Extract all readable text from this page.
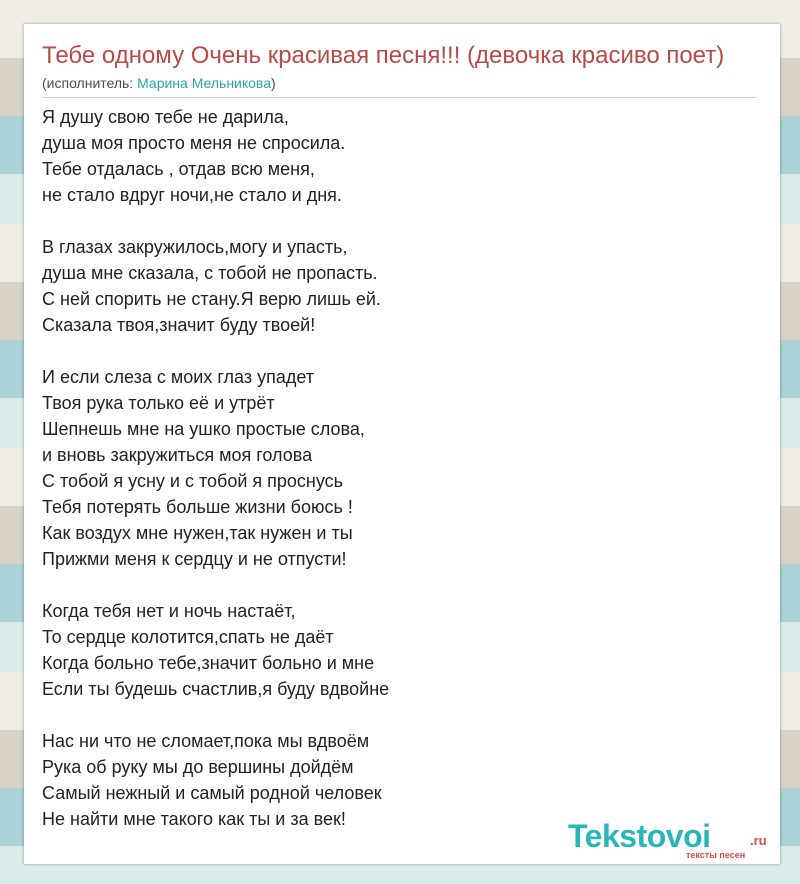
Тебе одному Очень красивая песня!!! (девочка красиво поет)
(исполнитель: Марина Мельникова)
Я душу свою тебе не дарила,
душа моя просто меня не спросила.
Тебе отдалась , отдав всю меня,
не стало вдруг ночи,не стало и дня.
В глазах закружилось,могу и упасть,
душа мне сказала, с тобой не пропасть.
С ней спорить не стану.Я верю лишь ей.
Сказала твоя,значит буду твоей!
И если слеза с моих глаз упадет
Твоя рука только её и утрёт
Шепнешь мне на ушко простые слова,
и вновь закружиться моя голова
С тобой я усну и с тобой я проснусь
Тебя потерять больше жизни боюсь !
Как воздух мне нужен,так нужен и ты
Прижми меня к сердцу и не отпусти!
Когда тебя нет и ночь настаёт,
То сердце колотится,спать не даёт
Когда больно тебе,значит больно и мне
Если ты будешь счастлив,я буду вдвойне
Нас ни что не сломает,пока мы вдвоём
Рука об руку мы до вершины дойдём
Самый нежный и самый родной человек
Не найти мне такого как ты и за век!	Tekstovoi	.ru
тексты песен
